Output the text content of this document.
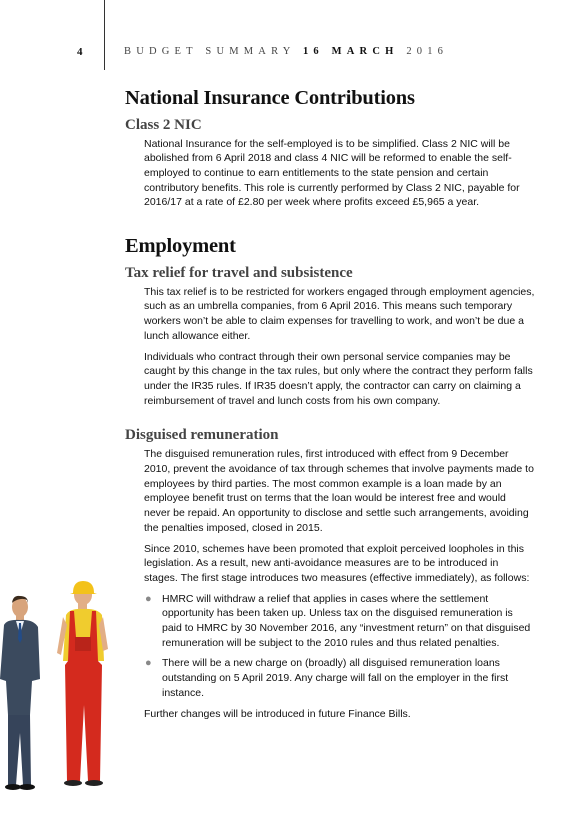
4	BUDGET SUMMARY 16 MARCH 2016
National Insurance Contributions
Class 2 NIC

National Insurance for the self-employed is to be simplified. Class 2 NIC will be abolished from 6 April 2018 and class 4 NIC will be reformed to enable the self-employed to continue to earn entitlements to the state pension and certain contributory benefits. This role is currently performed by Class 2 NIC, payable for 2016/17 at a rate of £2.80 per week where profits exceed £5,965 a year.

Employment
Tax relief for travel and subsistence

This tax relief is to be restricted for workers engaged through employment agencies, such as an umbrella companies, from 6 April 2016. This means such temporary workers won’t be able to claim expenses for travelling to work, and won’t be due a lunch allowance either.

Individuals who contract through their own personal service companies may be caught by this change in the tax rules, but only where the contract they perform falls under the IR35 rules. If IR35 doesn’t apply, the contractor can carry on claiming a reimbursement of travel and lunch costs from his own company.

Disguised remuneration

The disguised remuneration rules, first introduced with effect from 9 December 2010, prevent the avoidance of tax through schemes that involve payments made to employees by third parties. The most common example is a loan made by an employee benefit trust on terms that the loan would be interest free and would never be repaid. An opportunity to disclose and settle such arrangements, avoiding the penalties imposed, closed in 2015.

Since 2010, schemes have been promoted that exploit perceived loopholes in this legislation. As a result, new anti-avoidance measures are to be introduced in stages. The first stage introduces two measures (effective immediately), as follows:

● HMRC will withdraw a relief that applies in cases where the settlement opportunity has been taken up. Unless tax on the disguised remuneration is paid to HMRC by 30 November 2016, any “investment return” on that disguised remuneration will be subject to the 2010 rules and thus related penalties.
● There will be a new charge on (broadly) all disguised remuneration loans outstanding on 5 April 2019. Any charge will fall on the employer in the first instance.

Further changes will be introduced in future Finance Bills.
